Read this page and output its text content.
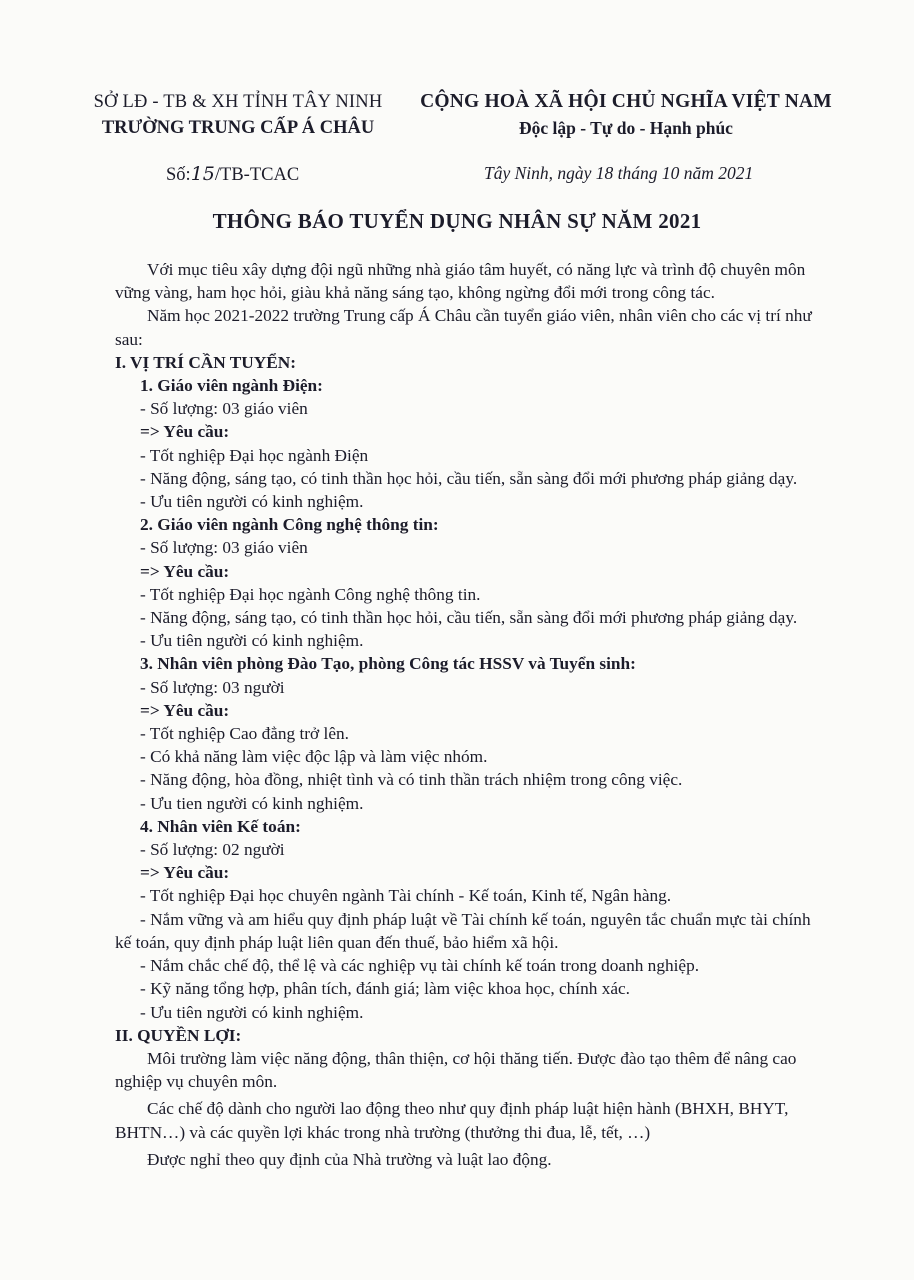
SỞ LĐ - TB & XH TỈNH TÂY NINH
TRƯỜNG TRUNG CẤP Á CHÂU
CỘNG HOÀ XÃ HỘI CHỦ NGHĨA VIỆT NAM
Độc lập - Tự do - Hạnh phúc
Số:15/TB-TCAC	Tây Ninh, ngày 18 tháng 10 năm 2021
THÔNG BÁO TUYỂN DỤNG NHÂN SỰ NĂM 2021

Với mục tiêu xây dựng đội ngũ những nhà giáo tâm huyết, có năng lực và trình độ chuyên môn vững vàng, ham học hỏi, giàu khả năng sáng tạo, không ngừng đổi mới trong công tác.

Năm học 2021-2022 trường Trung cấp Á Châu cần tuyển giáo viên, nhân viên cho các vị trí như sau:

I. VỊ TRÍ CẦN TUYỂN:

1. Giáo viên ngành Điện:

- Số lượng: 03 giáo viên

=> Yêu cầu:

- Tốt nghiệp Đại học ngành Điện

- Năng động, sáng tạo, có tinh thần học hỏi, cầu tiến, sẵn sàng đổi mới phương pháp giảng dạy.

- Ưu tiên người có kinh nghiệm.

2. Giáo viên ngành Công nghệ thông tin:

- Số lượng: 03 giáo viên

=> Yêu cầu:

- Tốt nghiệp Đại học ngành Công nghệ thông tin.

- Năng động, sáng tạo, có tinh thần học hỏi, cầu tiến, sẵn sàng đổi mới phương pháp giảng dạy.

- Ưu tiên người có kinh nghiệm.

3. Nhân viên phòng Đào Tạo, phòng Công tác HSSV và Tuyển sinh:

- Số lượng: 03 người

=> Yêu cầu:

- Tốt nghiệp Cao đẳng trở lên.

- Có khả năng làm việc độc lập và làm việc nhóm.

- Năng động, hòa đồng, nhiệt tình và có tinh thần trách nhiệm trong công việc.

- Ưu tien người có kinh nghiệm.

4. Nhân viên Kế toán:

- Số lượng: 02 người

=> Yêu cầu:

- Tốt nghiệp Đại học chuyên ngành Tài chính - Kế toán, Kinh tế, Ngân hàng.

- Nắm vững và am hiểu quy định pháp luật về Tài chính kế toán, nguyên tắc chuẩn mực tài chính kế toán, quy định pháp luật liên quan đến thuế, bảo hiểm xã hội.

- Nắm chắc chế độ, thể lệ và các nghiệp vụ tài chính kế toán trong doanh nghiệp.

- Kỹ năng tổng hợp, phân tích, đánh giá; làm việc khoa học, chính xác.

- Ưu tiên người có kinh nghiệm.

II. QUYỀN LỢI:

Môi trường làm việc năng động, thân thiện, cơ hội thăng tiến. Được đào tạo thêm để nâng cao nghiệp vụ chuyên môn.

Các chế độ dành cho người lao động theo như quy định pháp luật hiện hành (BHXH, BHYT, BHTN…) và các quyền lợi khác trong nhà trường (thưởng thi đua, lễ, tết, …)

Được nghỉ theo quy định của Nhà trường và luật lao động.
